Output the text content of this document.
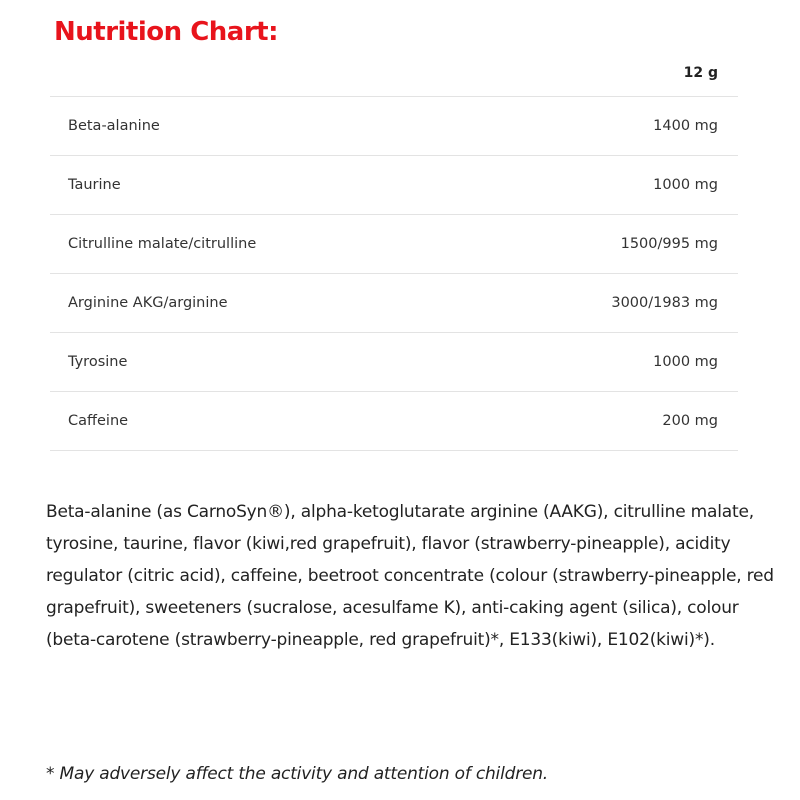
Nutrition Chart:
12 g	
Beta-alanine	1400 mg
Taurine	1000 mg
Citrulline malate/citrulline	1500/995 mg
Arginine AKG/arginine	3000/1983 mg
Tyrosine	1000 mg
Caffeine	200 mg

Beta-alanine (as CarnoSyn®), alpha-ketoglutarate arginine (AAKG), citrulline malate, tyrosine, taurine, flavor (kiwi,red grapefruit), flavor (strawberry-pineapple), acidity regulator (citric acid), caffeine, beetroot concentrate (colour (strawberry-pineapple, red grapefruit), sweeteners (sucralose, acesulfame K), anti-caking agent (silica), colour (beta-carotene (strawberry-pineapple, red grapefruit)*, E133(kiwi), E102(kiwi)*).

* May adversely affect the activity and attention of children.
